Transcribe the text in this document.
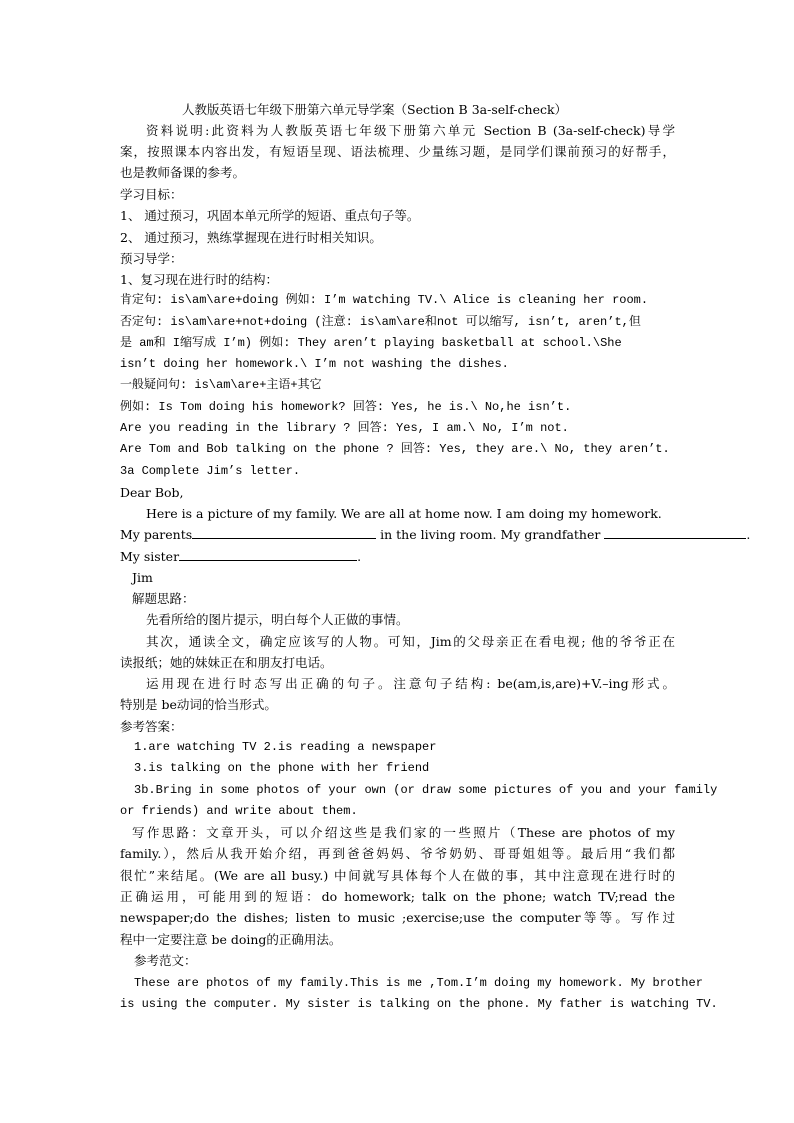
人教版英语七年级下册第六单元导学案（Section B 3a-self-check）
资料说明:此资料为人教版英语七年级下册第六单元 Section B (3a-self-check)导学
案，按照课本内容出发，有短语呈现、语法梳理、少量练习题，是同学们课前预习的好帮手，
也是教师备课的参考。
学习目标：
1、 通过预习，巩固本单元所学的短语、重点句子等。
2、 通过预习，熟练掌握现在进行时相关知识。
预习导学：
1、复习现在进行时的结构：
肯定句: is\am\are+doing 例如: I’m watching TV.\ Alice is cleaning her room.
否定句: is\am\are+not+doing (注意: is\am\are和not 可以缩写, isn’t, aren’t,但
是 am和 I缩写成 I’m) 例如: They aren’t playing basketball at school.\She
isn’t doing her homework.\ I’m not washing the dishes.
一般疑问句: is\am\are+主语+其它
例如: Is Tom doing his homework? 回答: Yes, he is.\ No,he isn’t.
Are you reading in the library ? 回答: Yes, I am.\ No, I’m not.
Are Tom and Bob talking on the phone ? 回答: Yes, they are.\ No, they aren’t.
3a Complete Jim’s letter.
Dear Bob,
Here is a picture of my family. We are all at home now. I am doing my homework.
My parents	in the living room. My grandfather	.
My sister	.
Jim
解题思路：
先看所给的图片提示，明白每个人正做的事情。
其次，通读全文，确定应该写的人物。可知，Jim的父母亲正在看电视; 他的爷爷正在
读报纸；她的妹妹正在和朋友打电话。
运用现在进行时态写出正确的句子。注意句子结构: be(am,is,are)+V.–ing形式。
特别是 be动词的恰当形式。
参考答案：
1.are watching TV 2.is reading a newspaper
3.is talking on the phone with her friend
3b.Bring in some photos of your own (or draw some pictures of you and your family
or friends) and write about them.
写作思路：文章开头，可以介绍这些是我们家的一些照片（These are photos of my
family.），然后从我开始介绍，再到爸爸妈妈、爷爷奶奶、哥哥姐姐等。最后用“我们都
很忙”来结尾。(We are all busy.) 中间就写具体每个人在做的事，其中注意现在进行时的
正确运用，可能用到的短语：do homework; talk on the phone; watch TV;read the
newspaper;do the dishes; listen to music ;exercise;use the computer等等。写作过
程中一定要注意 be doing的正确用法。
参考范文：
These are photos of my family.This is me ,Tom.I’m doing my homework. My brother
is using the computer. My sister is talking on the phone. My father is watching TV.
